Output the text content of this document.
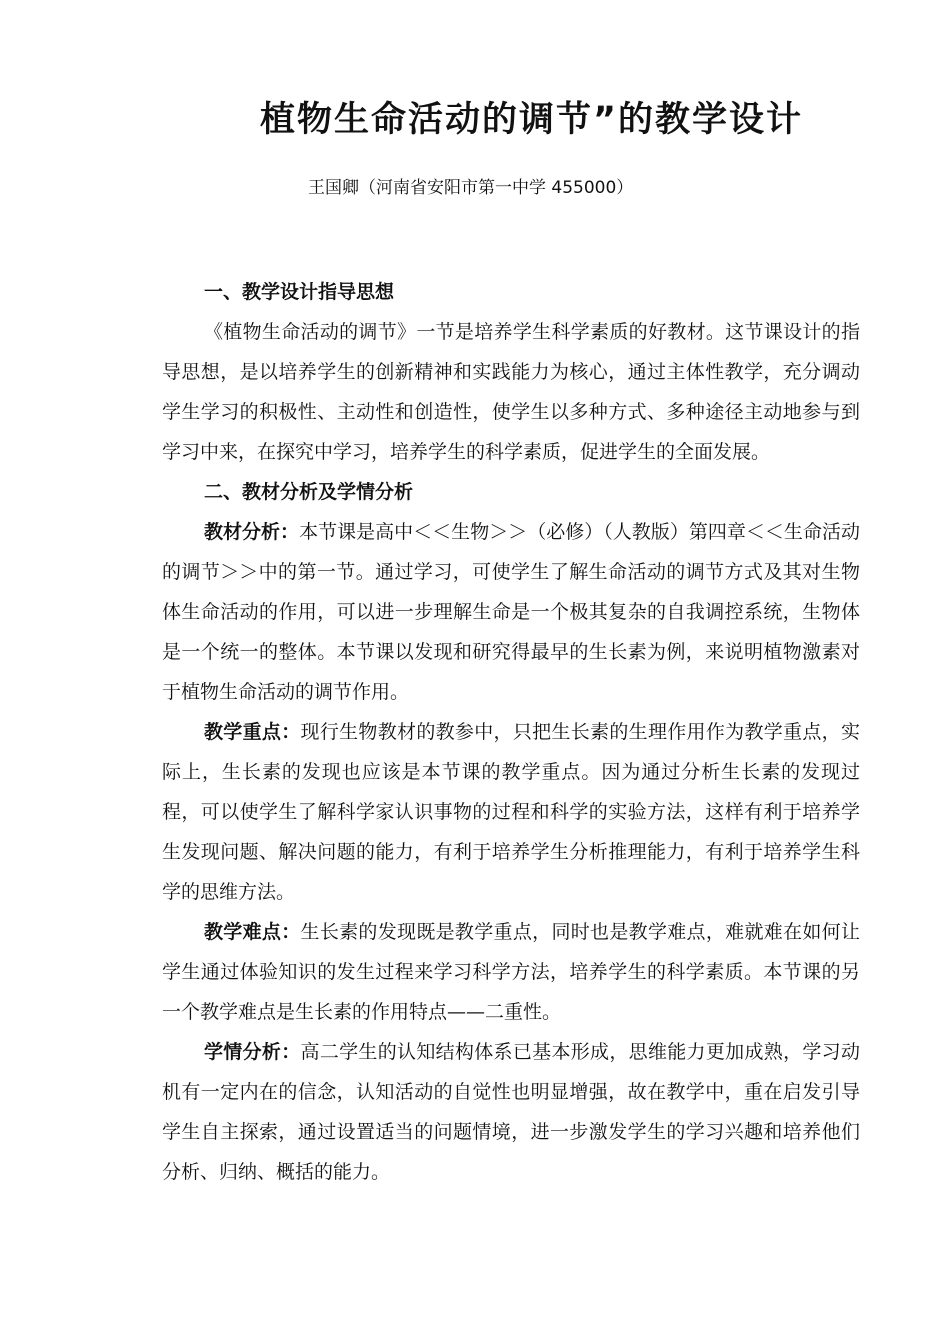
植物生命活动的调节”的教学设计
王国卿（河南省安阳市第一中学 455000）
一、教学设计指导思想

《植物生命活动的调节》一节是培养学生科学素质的好教材。这节课设计的指导思想，是以培养学生的创新精神和实践能力为核心，通过主体性教学，充分调动学生学习的积极性、主动性和创造性，使学生以多种方式、多种途径主动地参与到学习中来，在探究中学习，培养学生的科学素质，促进学生的全面发展。

二、教材分析及学情分析

教材分析：本节课是高中＜＜生物＞＞（必修）（人教版）第四章＜＜生命活动的调节＞＞中的第一节。通过学习，可使学生了解生命活动的调节方式及其对生物体生命活动的作用，可以进一步理解生命是一个极其复杂的自我调控系统，生物体是一个统一的整体。本节课以发现和研究得最早的生长素为例，来说明植物激素对于植物生命活动的调节作用。

教学重点：现行生物教材的教参中，只把生长素的生理作用作为教学重点，实际上，生长素的发现也应该是本节课的教学重点。因为通过分析生长素的发现过程，可以使学生了解科学家认识事物的过程和科学的实验方法，这样有利于培养学生发现问题、解决问题的能力，有利于培养学生分析推理能力，有利于培养学生科学的思维方法。

教学难点：生长素的发现既是教学重点，同时也是教学难点，难就难在如何让学生通过体验知识的发生过程来学习科学方法，培养学生的科学素质。本节课的另一个教学难点是生长素的作用特点——二重性。

学情分析：高二学生的认知结构体系已基本形成，思维能力更加成熟，学习动机有一定内在的信念，认知活动的自觉性也明显增强，故在教学中，重在启发引导学生自主探索，通过设置适当的问题情境，进一步激发学生的学习兴趣和培养他们分析、归纳、概括的能力。
